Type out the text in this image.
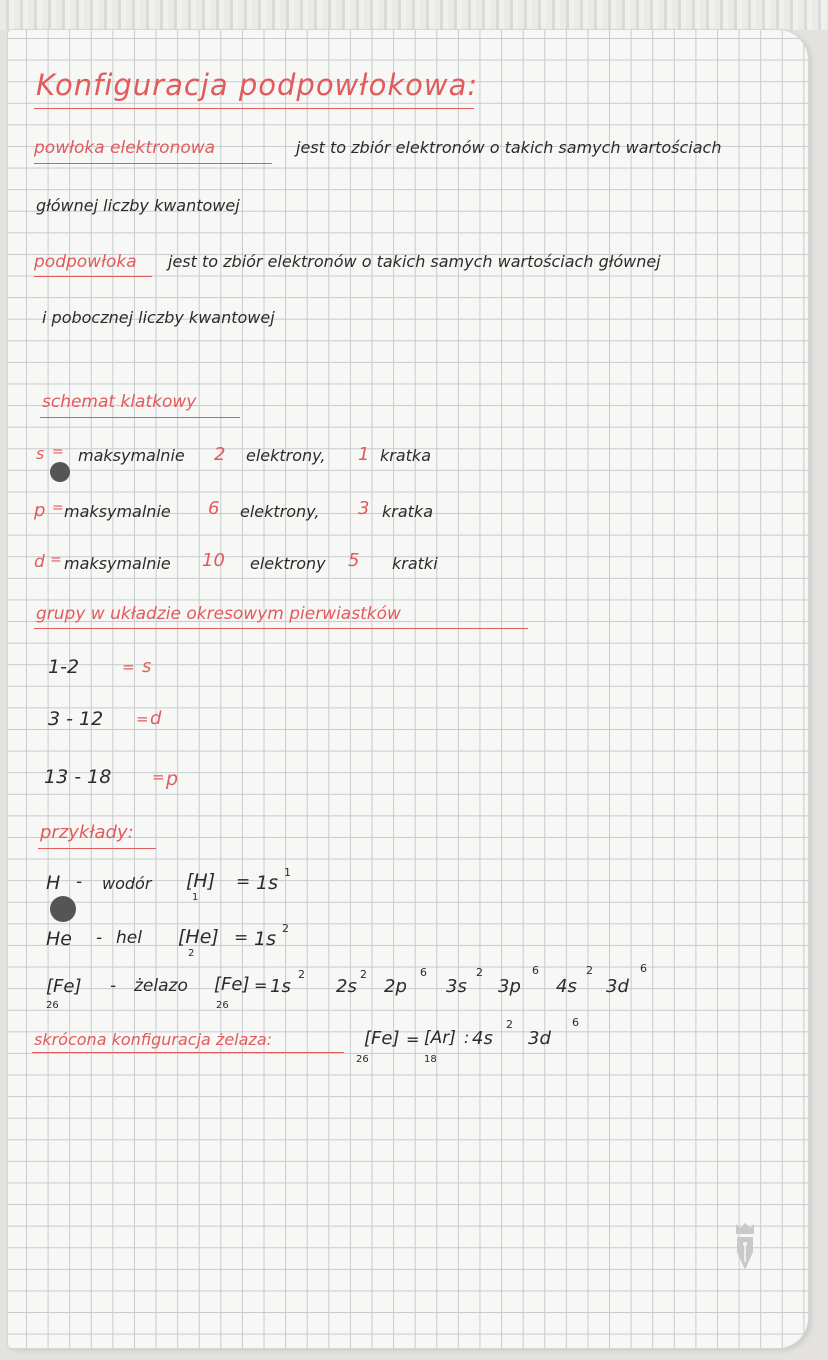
Konfiguracja podpowłokowa:
powłoka elektronowa	jest to zbiór elektronów o takich samych wartościach
głównej liczby kwantowej
podpowłoka jest to zbiór elektronów o takich samych wartościach głównej
i pobocznej liczby kwantowej
schemat klatkowy
s = maksymalnie 2 elektrony, 1 kratka
p = maksymalnie 6 elektrony, 3 kratka
d = maksymalnie 10 elektrony 5 kratki
grupy w układzie okresowym pierwiastków
1-2	= s
3 - 12 = d
13 - 18	= p
przykłady:
H - wodór [H]
1
= 1s 1
He - hel [He]
2
= 1s 2
[Fe]
26
- żelazo [Fe]
26
= 1s
2
2s
2
2p
6
3s
2
3p
6
4s
2
3d
6
skrócona konfiguracja żelaza:	[Fe]
26
= [Ar]
18
: 4s
2
3d
6
